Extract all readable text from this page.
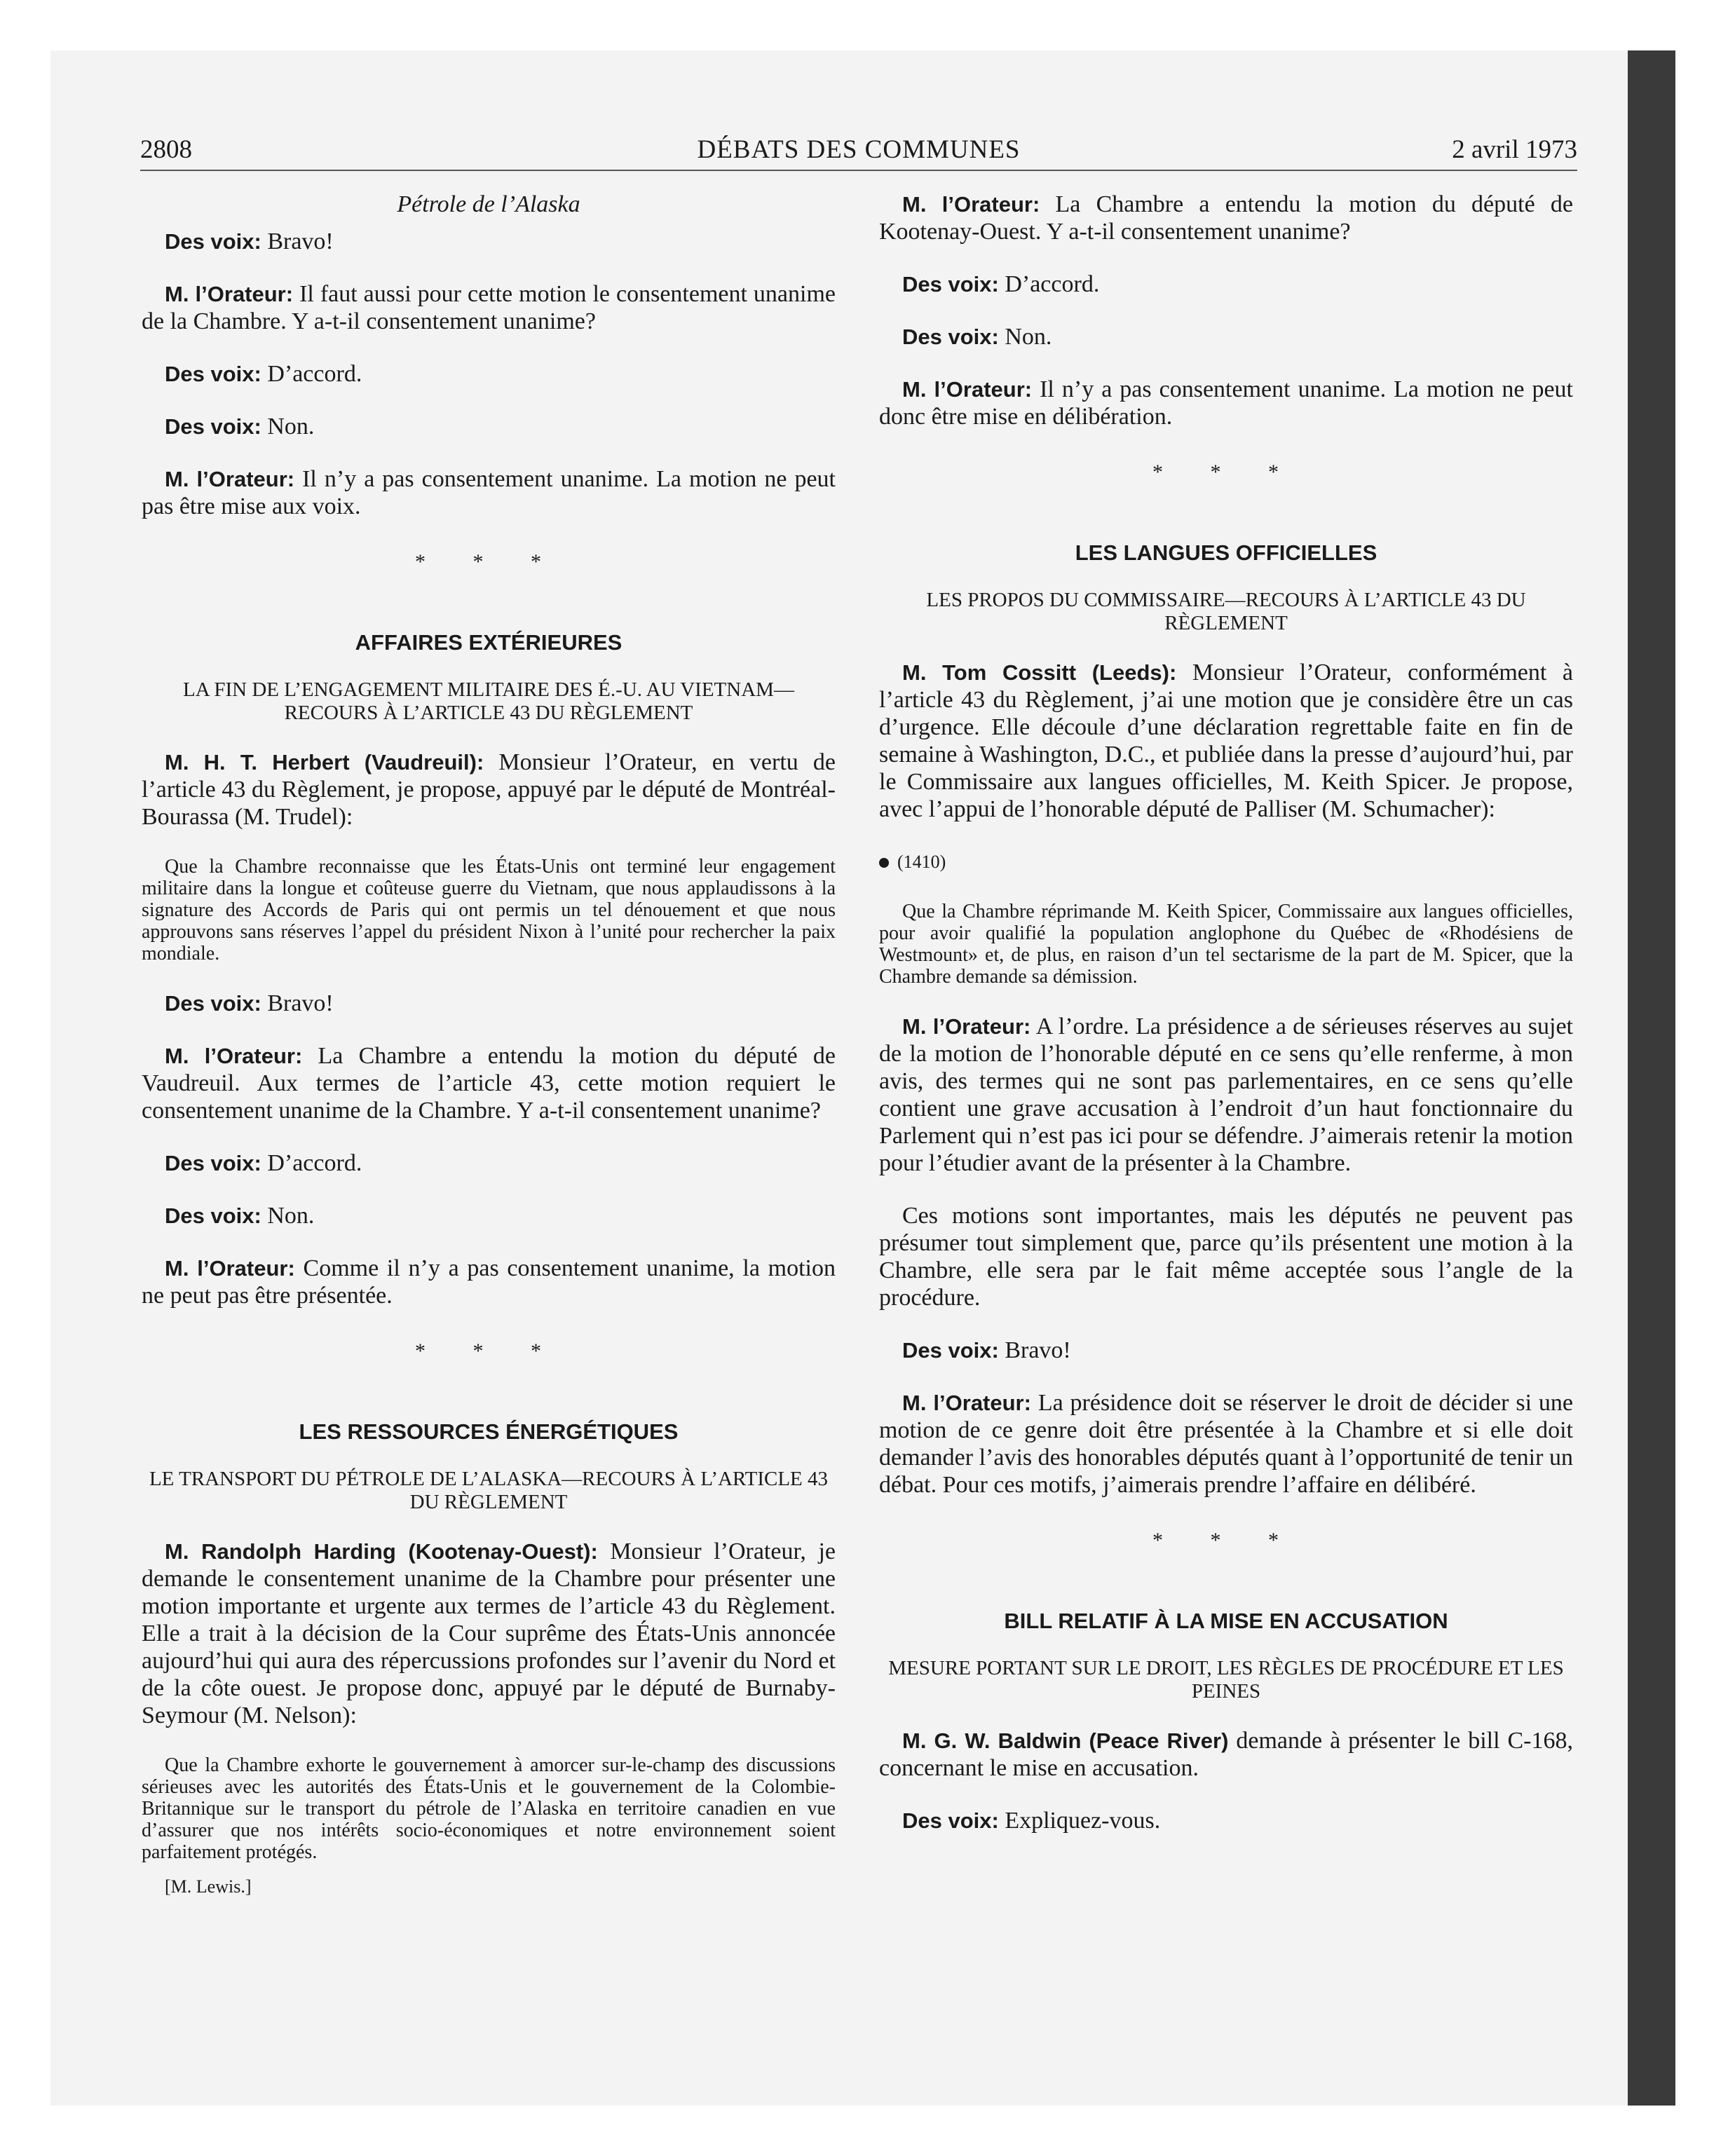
2808	DÉBATS DES COMMUNES	2 avril 1973
Pétrole de l’Alaska

Des voix: Bravo!

M. l’Orateur: Il faut aussi pour cette motion le consentement unanime de la Chambre. Y a-t-il consentement unanime?

Des voix: D’accord.

Des voix: Non.

M. l’Orateur: Il n’y a pas consentement unanime. La motion ne peut pas être mise aux voix.

* * *
AFFAIRES EXTÉRIEURES
LA FIN DE L’ENGAGEMENT MILITAIRE DES É.-U. AU VIETNAM—RECOURS À L’ARTICLE 43 DU RÈGLEMENT

M. H. T. Herbert (Vaudreuil): Monsieur l’Orateur, en vertu de l’article 43 du Règlement, je propose, appuyé par le député de Montréal-Bourassa (M. Trudel):

Que la Chambre reconnaisse que les États-Unis ont terminé leur engagement militaire dans la longue et coûteuse guerre du Vietnam, que nous applaudissons à la signature des Accords de Paris qui ont permis un tel dénouement et que nous approuvons sans réserves l’appel du président Nixon à l’unité pour rechercher la paix mondiale.

Des voix: Bravo!

M. l’Orateur: La Chambre a entendu la motion du député de Vaudreuil. Aux termes de l’article 43, cette motion requiert le consentement unanime de la Chambre. Y a-t-il consentement unanime?

Des voix: D’accord.

Des voix: Non.

M. l’Orateur: Comme il n’y a pas consentement unanime, la motion ne peut pas être présentée.

* * *
LES RESSOURCES ÉNERGÉTIQUES
LE TRANSPORT DU PÉTROLE DE L’ALASKA—RECOURS À L’ARTICLE 43 DU RÈGLEMENT

M. Randolph Harding (Kootenay-Ouest): Monsieur l’Orateur, je demande le consentement unanime de la Chambre pour présenter une motion importante et urgente aux termes de l’article 43 du Règlement. Elle a trait à la décision de la Cour suprême des États-Unis annoncée aujourd’hui qui aura des répercussions profondes sur l’avenir du Nord et de la côte ouest. Je propose donc, appuyé par le député de Burnaby-Seymour (M. Nelson):

Que la Chambre exhorte le gouvernement à amorcer sur-le-champ des discussions sérieuses avec les autorités des États-Unis et le gouvernement de la Colombie-Britannique sur le transport du pétrole de l’Alaska en territoire canadien en vue d’assurer que nos intérêts socio-économiques et notre environnement soient parfaitement protégés.
[M. Lewis.]

M. l’Orateur: La Chambre a entendu la motion du député de Kootenay-Ouest. Y a-t-il consentement unanime?

Des voix: D’accord.

Des voix: Non.

M. l’Orateur: Il n’y a pas consentement unanime. La motion ne peut donc être mise en délibération.

* * *
LES LANGUES OFFICIELLES
LES PROPOS DU COMMISSAIRE—RECOURS À L’ARTICLE 43 DU RÈGLEMENT

M. Tom Cossitt (Leeds): Monsieur l’Orateur, conformément à l’article 43 du Règlement, j’ai une motion que je considère être un cas d’urgence. Elle découle d’une déclaration regrettable faite en fin de semaine à Washington, D.C., et publiée dans la presse d’aujourd’hui, par le Commissaire aux langues officielles, M. Keith Spicer. Je propose, avec l’appui de l’honorable député de Palliser (M. Schumacher):

(1410)
Que la Chambre réprimande M. Keith Spicer, Commissaire aux langues officielles, pour avoir qualifié la population anglophone du Québec de «Rhodésiens de Westmount» et, de plus, en raison d’un tel sectarisme de la part de M. Spicer, que la Chambre demande sa démission.

M. l’Orateur: A l’ordre. La présidence a de sérieuses réserves au sujet de la motion de l’honorable député en ce sens qu’elle renferme, à mon avis, des termes qui ne sont pas parlementaires, en ce sens qu’elle contient une grave accusation à l’endroit d’un haut fonctionnaire du Parlement qui n’est pas ici pour se défendre. J’aimerais retenir la motion pour l’étudier avant de la présenter à la Chambre.

Ces motions sont importantes, mais les députés ne peuvent pas présumer tout simplement que, parce qu’ils présentent une motion à la Chambre, elle sera par le fait même acceptée sous l’angle de la procédure.

Des voix: Bravo!

M. l’Orateur: La présidence doit se réserver le droit de décider si une motion de ce genre doit être présentée à la Chambre et si elle doit demander l’avis des honorables députés quant à l’opportunité de tenir un débat. Pour ces motifs, j’aimerais prendre l’affaire en délibéré.

* * *
BILL RELATIF À LA MISE EN ACCUSATION
MESURE PORTANT SUR LE DROIT, LES RÈGLES DE PROCÉDURE ET LES PEINES

M. G. W. Baldwin (Peace River) demande à présenter le bill C-168, concernant le mise en accusation.

Des voix: Expliquez-vous.
